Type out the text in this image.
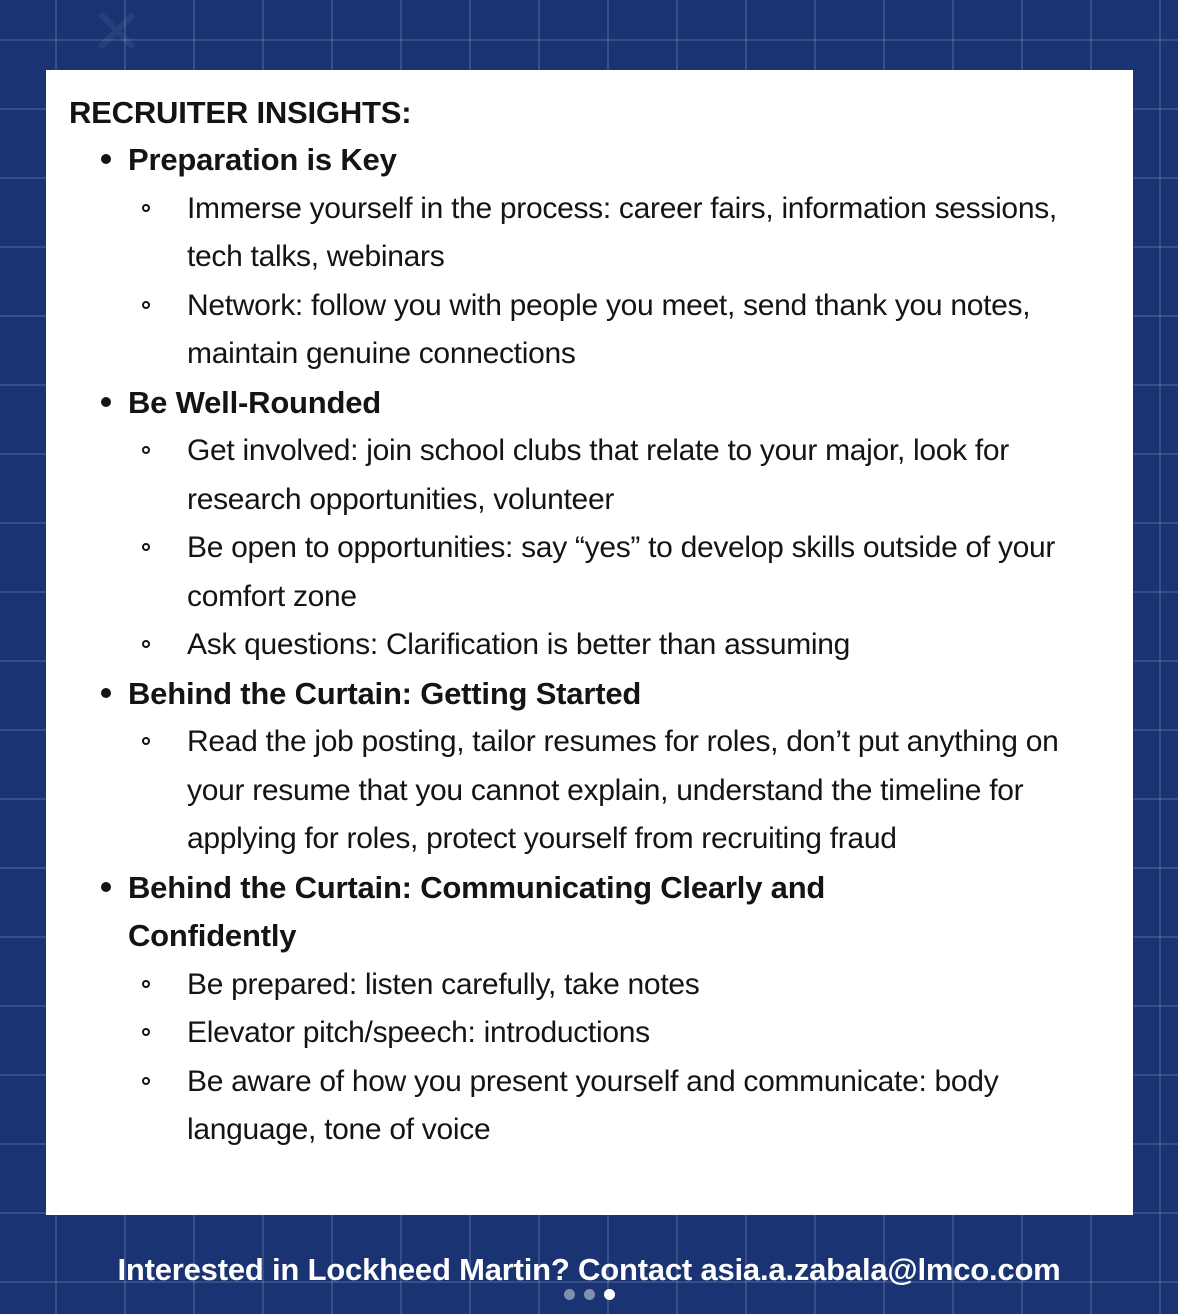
✕

RECRUITER INSIGHTS:

Preparation is Key
Immerse yourself in the process: career fairs, information sessions, tech talks, webinars
Network: follow you with people you meet, send thank you notes, maintain genuine connections
Be Well-Rounded
Get involved: join school clubs that relate to your major, look for research opportunities, volunteer
Be open to opportunities: say “yes” to develop skills outside of your comfort zone
Ask questions: Clarification is better than assuming
Behind the Curtain: Getting Started
Read the job posting, tailor resumes for roles, don’t put anything on your resume that you cannot explain, understand the timeline for applying for roles, protect yourself from recruiting fraud
Behind the Curtain: Communicating Clearly and Confidently
Be prepared: listen carefully, take notes
Elevator pitch/speech: introductions
Be aware of how you present yourself and communicate: body language, tone of voice
Interested in Lockheed Martin? Contact asia.a.zabala@lmco.com
